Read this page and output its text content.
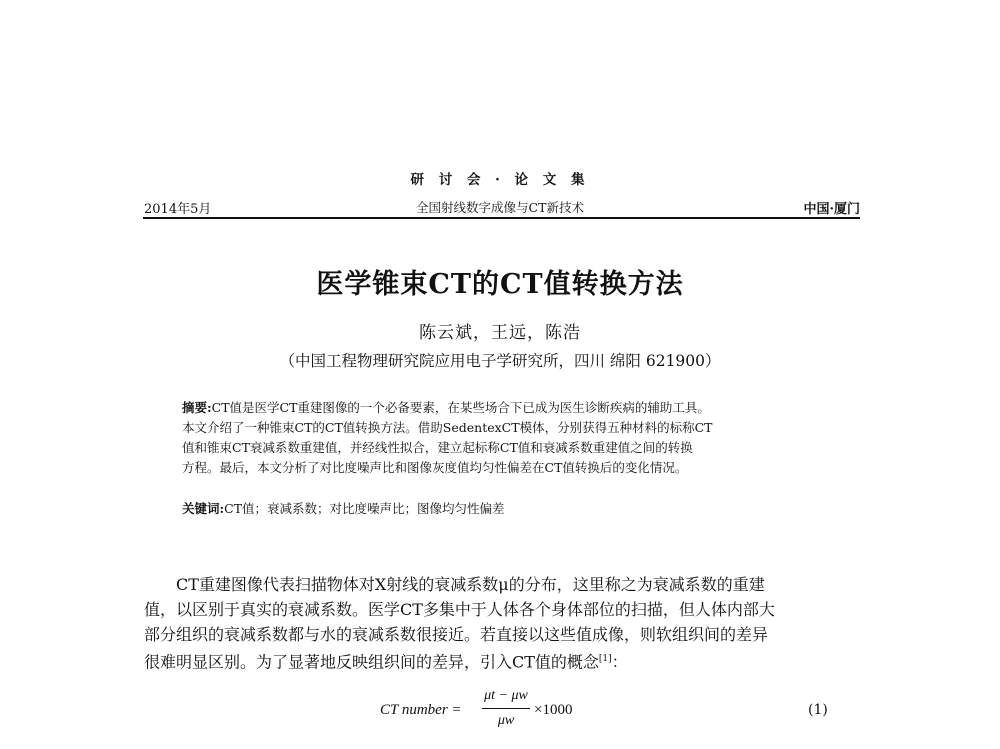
研 讨 会 · 论 文 集
2014年5月	全国射线数字成像与CT新技术	中国·厦门
医学锥束CT的CT值转换方法
陈云斌，王远，陈浩
（中国工程物理研究院应用电子学研究所，四川 绵阳 621900）
摘要:CT值是医学CT重建图像的一个必备要素，在某些场合下已成为医生诊断疾病的辅助工具。
本文介绍了一种锥束CT的CT值转换方法。借助SedentexCT模体，分别获得五种材料的标称CT
值和锥束CT衰减系数重建值，并经线性拟合，建立起标称CT值和衰减系数重建值之间的转换
方程。最后，本文分析了对比度噪声比和图像灰度值均匀性偏差在CT值转换后的变化情况。
关键词:CT值；衰减系数；对比度噪声比；图像均匀性偏差
CT重建图像代表扫描物体对X射线的衰减系数μ的分布，这里称之为衰减系数的重建
值，以区别于真实的衰减系数。医学CT多集中于人体各个身体部位的扫描，但人体内部大
部分组织的衰减系数都与水的衰减系数很接近。若直接以这些值成像，则软组织间的差异
很难明显区别。为了显著地反映组织间的差异，引入CT值的概念[1]：
CT number =
μt − μw
μw
×1000	(1)
